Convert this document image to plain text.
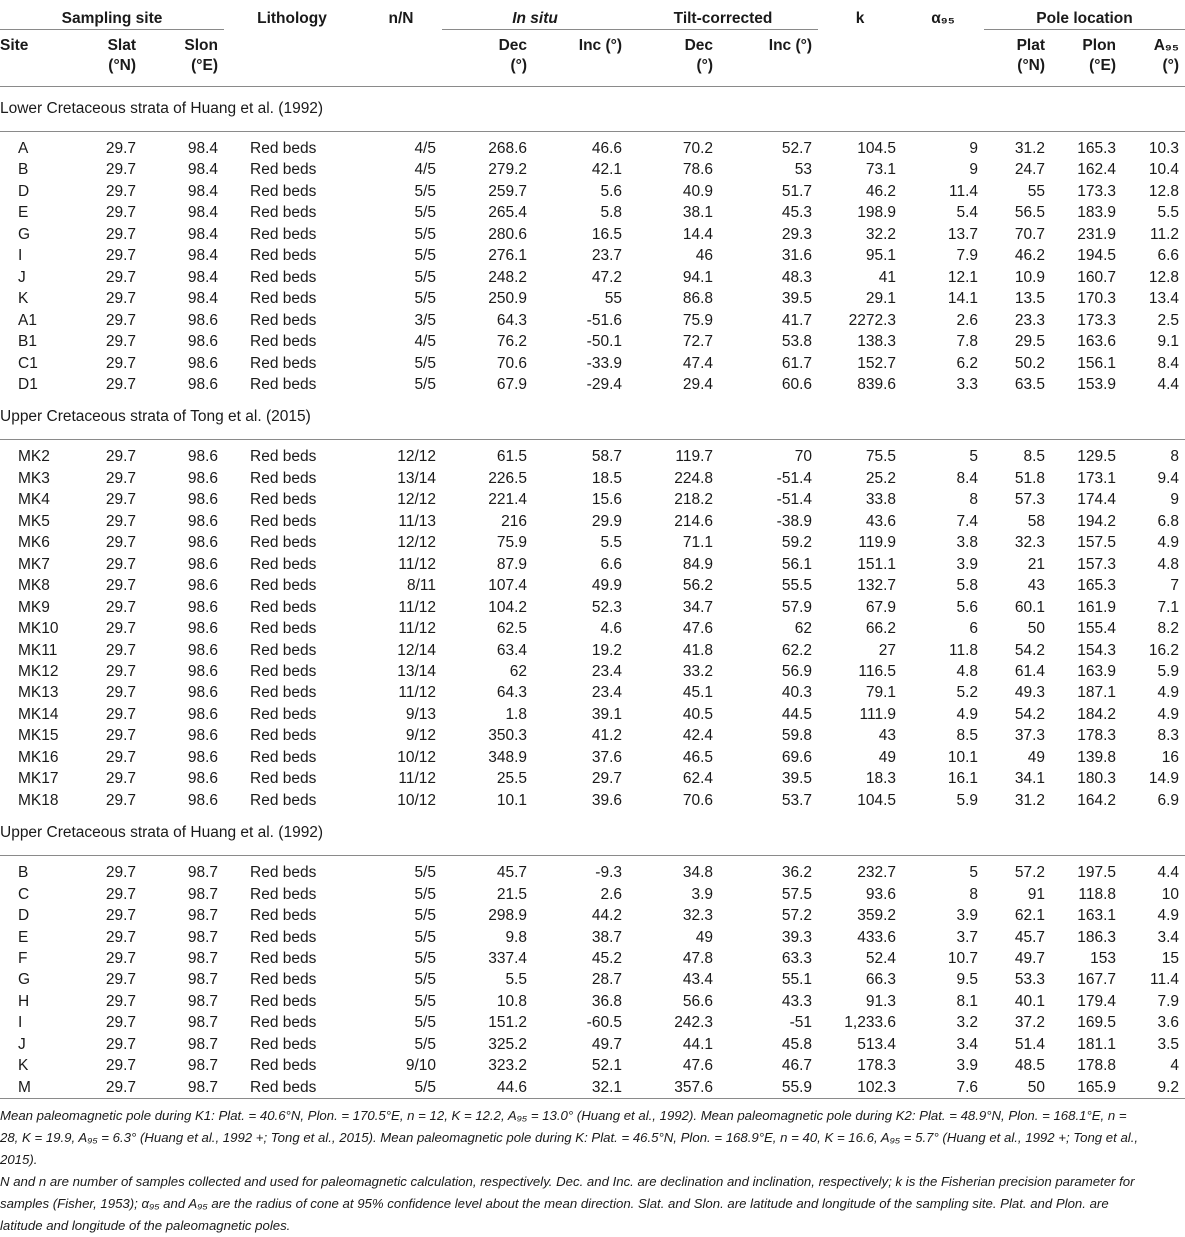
Sampling site			Lithology	n/N	In situ		Tilt-corrected		k	α₉₅	Pole location		
Site	Slat	Slon			Dec	Inc (°)	Dec	Inc (°)			Plat	Plon	A₉₅
	(°N)	(°E)			(°)		(°)				(°N)	(°E)	(°)
Lower Cretaceous strata of Huang et al. (1992)													
A	29.7	98.4	Red beds	4/5	268.6	46.6	70.2	52.7	104.5	9	31.2	165.3	10.3
B	29.7	98.4	Red beds	4/5	279.2	42.1	78.6	53	73.1	9	24.7	162.4	10.4
D	29.7	98.4	Red beds	5/5	259.7	5.6	40.9	51.7	46.2	11.4	55	173.3	12.8
E	29.7	98.4	Red beds	5/5	265.4	5.8	38.1	45.3	198.9	5.4	56.5	183.9	5.5
G	29.7	98.4	Red beds	5/5	280.6	16.5	14.4	29.3	32.2	13.7	70.7	231.9	11.2
I	29.7	98.4	Red beds	5/5	276.1	23.7	46	31.6	95.1	7.9	46.2	194.5	6.6
J	29.7	98.4	Red beds	5/5	248.2	47.2	94.1	48.3	41	12.1	10.9	160.7	12.8
K	29.7	98.4	Red beds	5/5	250.9	55	86.8	39.5	29.1	14.1	13.5	170.3	13.4
A1	29.7	98.6	Red beds	3/5	64.3	-51.6	75.9	41.7	2272.3	2.6	23.3	173.3	2.5
B1	29.7	98.6	Red beds	4/5	76.2	-50.1	72.7	53.8	138.3	7.8	29.5	163.6	9.1
C1	29.7	98.6	Red beds	5/5	70.6	-33.9	47.4	61.7	152.7	6.2	50.2	156.1	8.4
D1	29.7	98.6	Red beds	5/5	67.9	-29.4	29.4	60.6	839.6	3.3	63.5	153.9	4.4
Upper Cretaceous strata of Tong et al. (2015)													
MK2	29.7	98.6	Red beds	12/12	61.5	58.7	119.7	70	75.5	5	8.5	129.5	8
MK3	29.7	98.6	Red beds	13/14	226.5	18.5	224.8	-51.4	25.2	8.4	51.8	173.1	9.4
MK4	29.7	98.6	Red beds	12/12	221.4	15.6	218.2	-51.4	33.8	8	57.3	174.4	9
MK5	29.7	98.6	Red beds	11/13	216	29.9	214.6	-38.9	43.6	7.4	58	194.2	6.8
MK6	29.7	98.6	Red beds	12/12	75.9	5.5	71.1	59.2	119.9	3.8	32.3	157.5	4.9
MK7	29.7	98.6	Red beds	11/12	87.9	6.6	84.9	56.1	151.1	3.9	21	157.3	4.8
MK8	29.7	98.6	Red beds	8/11	107.4	49.9	56.2	55.5	132.7	5.8	43	165.3	7
MK9	29.7	98.6	Red beds	11/12	104.2	52.3	34.7	57.9	67.9	5.6	60.1	161.9	7.1
MK10	29.7	98.6	Red beds	11/12	62.5	4.6	47.6	62	66.2	6	50	155.4	8.2
MK11	29.7	98.6	Red beds	12/14	63.4	19.2	41.8	62.2	27	11.8	54.2	154.3	16.2
MK12	29.7	98.6	Red beds	13/14	62	23.4	33.2	56.9	116.5	4.8	61.4	163.9	5.9
MK13	29.7	98.6	Red beds	11/12	64.3	23.4	45.1	40.3	79.1	5.2	49.3	187.1	4.9
MK14	29.7	98.6	Red beds	9/13	1.8	39.1	40.5	44.5	111.9	4.9	54.2	184.2	4.9
MK15	29.7	98.6	Red beds	9/12	350.3	41.2	42.4	59.8	43	8.5	37.3	178.3	8.3
MK16	29.7	98.6	Red beds	10/12	348.9	37.6	46.5	69.6	49	10.1	49	139.8	16
MK17	29.7	98.6	Red beds	11/12	25.5	29.7	62.4	39.5	18.3	16.1	34.1	180.3	14.9
MK18	29.7	98.6	Red beds	10/12	10.1	39.6	70.6	53.7	104.5	5.9	31.2	164.2	6.9
Upper Cretaceous strata of Huang et al. (1992)													
B	29.7	98.7	Red beds	5/5	45.7	-9.3	34.8	36.2	232.7	5	57.2	197.5	4.4
C	29.7	98.7	Red beds	5/5	21.5	2.6	3.9	57.5	93.6	8	91	118.8	10
D	29.7	98.7	Red beds	5/5	298.9	44.2	32.3	57.2	359.2	3.9	62.1	163.1	4.9
E	29.7	98.7	Red beds	5/5	9.8	38.7	49	39.3	433.6	3.7	45.7	186.3	3.4
F	29.7	98.7	Red beds	5/5	337.4	45.2	47.8	63.3	52.4	10.7	49.7	153	15
G	29.7	98.7	Red beds	5/5	5.5	28.7	43.4	55.1	66.3	9.5	53.3	167.7	11.4
H	29.7	98.7	Red beds	5/5	10.8	36.8	56.6	43.3	91.3	8.1	40.1	179.4	7.9
I	29.7	98.7	Red beds	5/5	151.2	-60.5	242.3	-51	1,233.6	3.2	37.2	169.5	3.6
J	29.7	98.7	Red beds	5/5	325.2	49.7	44.1	45.8	513.4	3.4	51.4	181.1	3.5
K	29.7	98.7	Red beds	9/10	323.2	52.1	47.6	46.7	178.3	3.9	48.5	178.8	4
M	29.7	98.7	Red beds	5/5	44.6	32.1	357.6	55.9	102.3	7.6	50	165.9	9.2

Mean paleomagnetic pole during K1: Plat. = 40.6°N, Plon. = 170.5°E, n = 12, K = 12.2, A₉₅ = 13.0° (Huang et al., 1992). Mean paleomagnetic pole during K2: Plat. = 48.9°N, Plon. = 168.1°E, n = 28, K = 19.9, A₉₅ = 6.3° (Huang et al., 1992 +; Tong et al., 2015). Mean paleomagnetic pole during K: Plat. = 46.5°N, Plon. = 168.9°E, n = 40, K = 16.6, A₉₅ = 5.7° (Huang et al., 1992 +; Tong et al., 2015).

N and n are number of samples collected and used for paleomagnetic calculation, respectively. Dec. and Inc. are declination and inclination, respectively; k is the Fisherian precision parameter for samples (Fisher, 1953); α₉₅ and A₉₅ are the radius of cone at 95% confidence level about the mean direction. Slat. and Slon. are latitude and longitude of the sampling site. Plat. and Plon. are latitude and longitude of the paleomagnetic poles.
